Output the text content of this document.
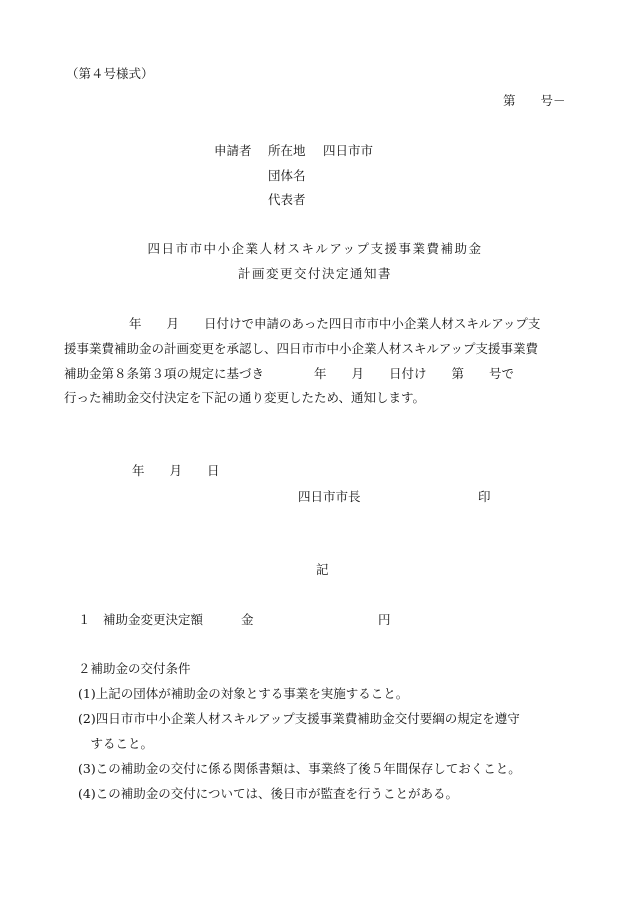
（第４号様式）
第　　号－
申請者 所在地 四日市市
団体名
代表者
四日市市中小企業人材スキルアップ支援事業費補助金
計画変更交付決定通知書
　　年　　月　　日付けで申請のあった四日市市中小企業人材スキルアップ支
援事業費補助金の計画変更を承認し、四日市市中小企業人材スキルアップ支援事業費
補助金第８条第３項の規定に基づき　　　　年　　月　　日付け　　第　　号で
行った補助金交付決定を下記の通り変更したため、通知します。
年　　月　　日
四日市市長	印
記
１　補助金変更決定額	金	円
２補助金の交付条件
(1)上記の団体が補助金の対象とする事業を実施すること。
(2)四日市市中小企業人材スキルアップ支援事業費補助金交付要綱の規定を遵守
　すること。
(3)この補助金の交付に係る関係書類は、事業終了後５年間保存しておくこと。
(4)この補助金の交付については、後日市が監査を行うことがある。
